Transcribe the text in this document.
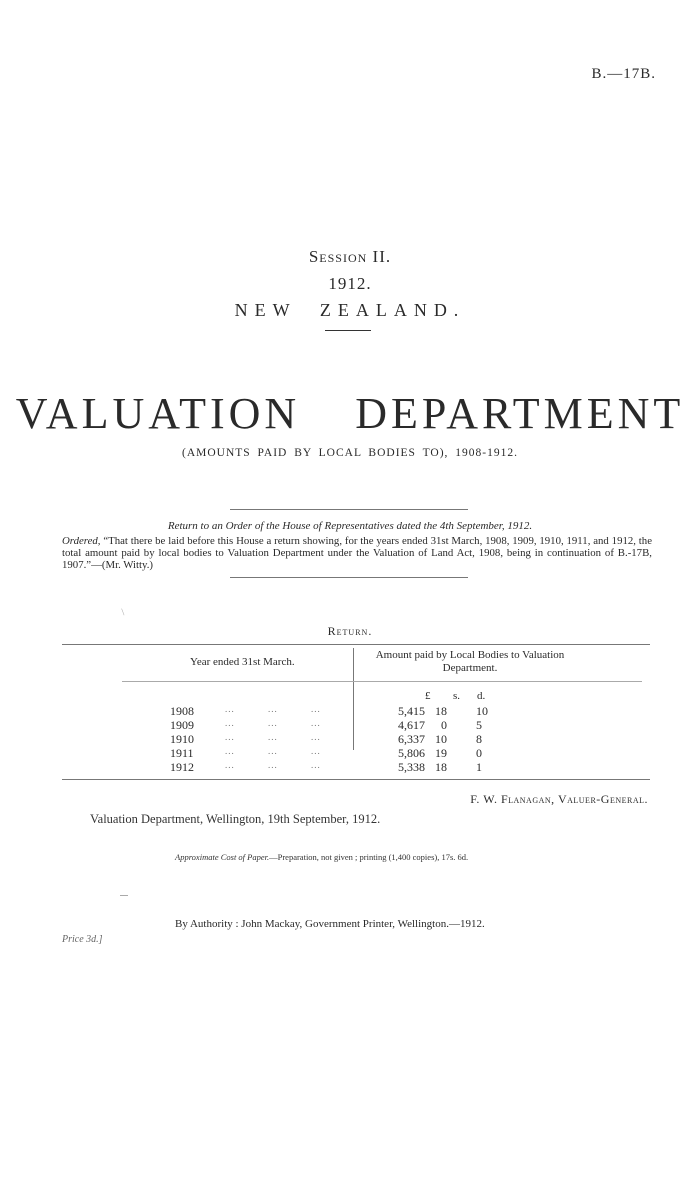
B.—17B.
Session II.
1912.
NEW ZEALAND.
VALUATION DEPARTMENT
(AMOUNTS PAID BY LOCAL BODIES TO), 1908-1912.
Return to an Order of the House of Representatives dated the 4th September, 1912.
Ordered, “That there be laid before this House a return showing, for the years ended 31st March, 1908, 1909, 1910, 1911, and 1912, the total amount paid by local bodies to Valuation Department under the Valuation of Land Act, 1908, being in continuation of B.-17B, 1907.”—(Mr. Witty.)
/
Return.
Year ended 31st March.
Amount paid by Local Bodies to Valuation Department.
£ s. d.
1908	...	...	...	5,415 18 10
1909	...	...	...	4,617	0 5
1910	...	...	...	6,337 10 8
1911	...	...	...	5,806 19 0
1912	...	...	...	5,338 18 1
F. W. Flanagan, Valuer-General.
Valuation Department, Wellington, 19th September, 1912.
Approximate Cost of Paper.—Preparation, not given ; printing (1,400 copies), 17s. 6d.
By Authority : John Mackay, Government Printer, Wellington.—1912.
Price 3d.]
